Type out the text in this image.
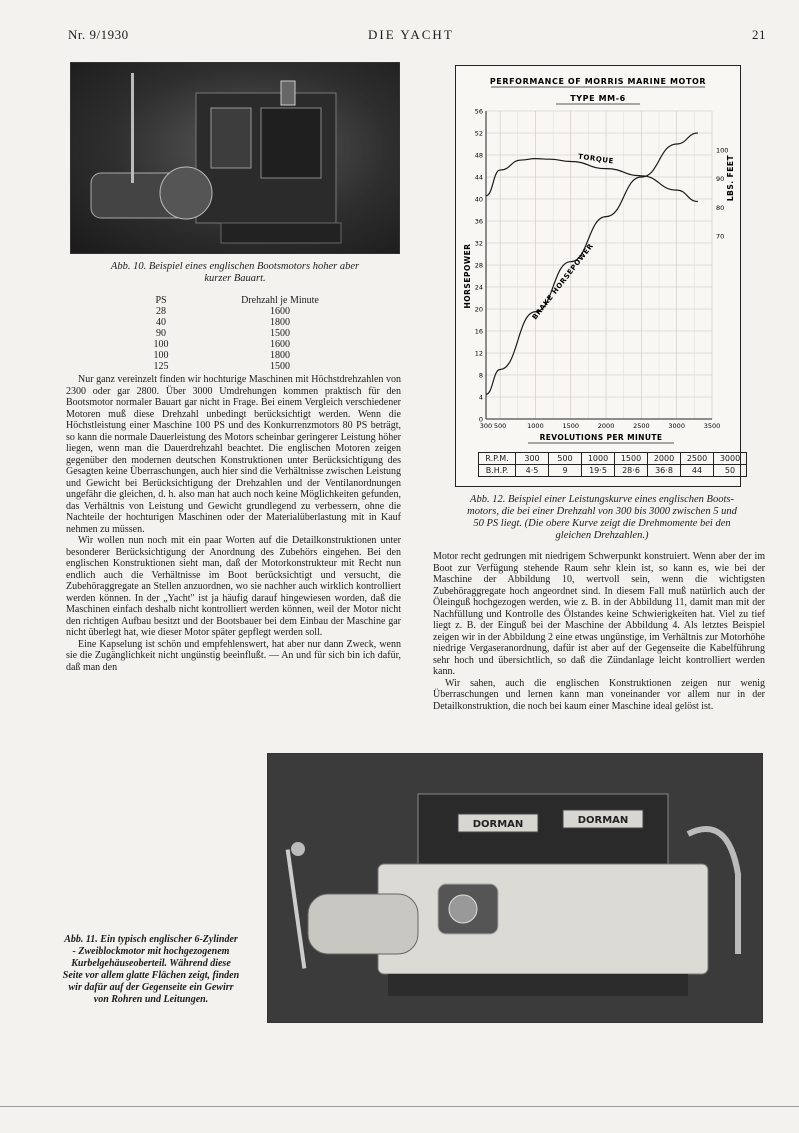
Nr. 9/1930	DIE YACHT	21
Abb. 10. Beispiel eines englischen Bootsmotors hoher aber
kurzer Bauart.
PS	Drehzahl je Minute
28	1600
40	1800
90	1500
100	1600
100	1800
125	1500

Nur ganz vereinzelt finden wir hochturige Maschinen mit Höchstdrehzahlen von 2300 oder gar 2800. Über 3000 Umdrehungen kommen praktisch für den Bootsmotor normaler Bauart gar nicht in Frage. Bei einem Vergleich verschiedener Motoren muß diese Drehzahl unbedingt berücksichtigt werden. Wenn die Höchstleistung einer Maschine 100 PS und des Konkurrenzmotors 80 PS beträgt, so kann die normale Dauerleistung des Motors scheinbar geringerer Leistung höher liegen, wenn man die Dauerdrehzahl beachtet. Die englischen Motoren zeigen gegenüber den modernen deutschen Konstruktionen unter Berücksichtigung des Gesagten keine Überraschungen, auch hier sind die Verhältnisse zwischen Leistung und Gewicht bei Berücksichtigung der Drehzahlen und der Ventilanordnungen ungefähr die gleichen, d. h. also man hat auch noch keine Möglichkeiten gefunden, das Verhältnis von Leistung und Gewicht grundlegend zu verbessern, ohne die Nachteile der hochturigen Maschinen oder der Materialüberlastung mit in Kauf nehmen zu müssen.

Wir wollen nun noch mit ein paar Worten auf die Detailkonstruktionen unter besonderer Berücksichtigung der Anordnung des Zubehörs eingehen. Bei den englischen Konstruktionen sieht man, daß der Motorkonstrukteur mit Recht nun endlich auch die Verhältnisse im Boot berücksichtigt und versucht, die Zubehöraggregate an Stellen anzuordnen, wo sie nachher auch wirklich kontrolliert werden können. In der „Yacht" ist ja häufig darauf hingewiesen worden, daß die Maschinen einfach deshalb nicht kontrolliert werden können, weil der Motor nicht den richtigen Aufbau besitzt und der Bootsbauer bei dem Einbau der Maschine gar nicht überlegt hat, wie dieser Motor später gepflegt werden soll.

Eine Kapselung ist schön und empfehlenswert, hat aber nur dann Zweck, wenn sie die Zugänglichkeit nicht ungünstig beeinflußt. — An und für sich bin ich dafür, daß man den

PERFORMANCE OF MORRIS MARINE MOTOR
TYPE MM-6
0
4
8
12
16
20
24
28
32
36
40
44
48
52
56
300 500	1000	1500	2000	2500	3000	3500
70
80
90
100
BRAKE HORSEPOWER
TORQUE
HORSEPOWER
LBS. FEET
REVOLUTIONS PER MINUTE
R.P.M.	300	500	1000	1500	2000	2500	3000
B.H.P.	4·5	9	19·5	28·6	36·8	44	50
Abb. 12. Beispiel einer Leistungskurve eines englischen Boots-
motors, die bei einer Drehzahl von 300 bis 3000 zwischen 5 und
50 PS liegt. (Die obere Kurve zeigt die Drehmomente bei den
gleichen Drehzahlen.)

Motor recht gedrungen mit niedrigem Schwerpunkt konstruiert. Wenn aber der im Boot zur Verfügung stehende Raum sehr klein ist, so kann es, wie bei der Maschine der Abbildung 10, wertvoll sein, wenn die wichtigsten Zubehöraggregate hoch angeordnet sind. In diesem Fall muß natürlich auch der Öleinguß hochgezogen werden, wie z. B. in der Abbildung 11, damit man mit der Nachfüllung und Kontrolle des Ölstandes keine Schwierigkeiten hat. Viel zu tief liegt z. B. der Einguß bei der Maschine der Abbildung 4. Als letztes Beispiel zeigen wir in der Abbildung 2 eine etwas ungünstige, im Verhältnis zur Motorhöhe niedrige Vergaseranordnung, dafür ist aber auf der Gegenseite die Kabelführung sehr hoch und übersichtlich, so daß die Zündanlage leicht kontrolliert werden kann.

Wir sahen, auch die englischen Konstruktionen zeigen nur wenig Überraschungen und lernen kann man voneinander vor allem nur in der Detailkonstruktion, die noch bei kaum einer Maschine ideal gelöst ist.

DORMAN	DORMAN
Abb. 11. Ein typisch englischer 6-Zylinder - Zweiblockmotor mit hochgezogenem Kurbelgehäuseoberteil. Während diese Seite vor allem glatte Flächen zeigt, finden wir dafür auf der Gegenseite ein Gewirr von Rohren und Leitungen.
